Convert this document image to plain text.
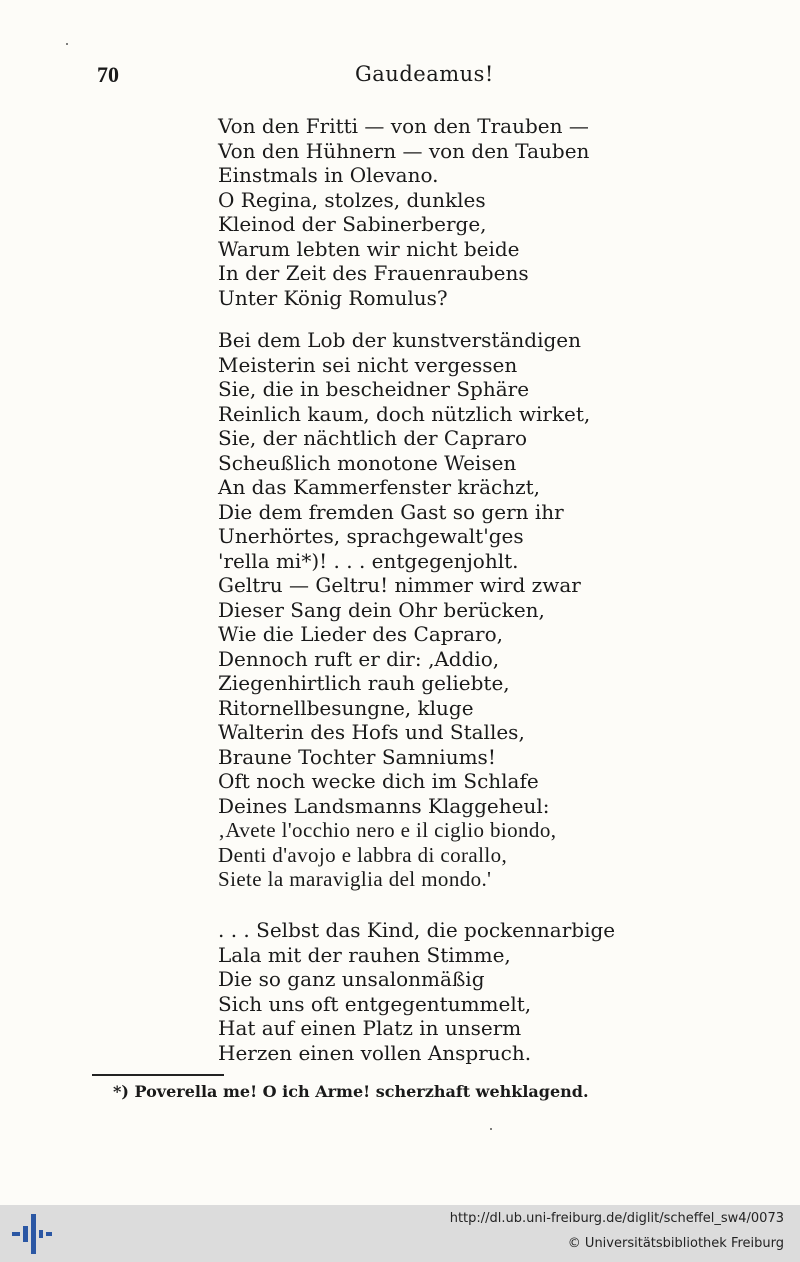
70	Gaudeamus!
Von den Fritti — von den Trauben —
Von den Hühnern — von den Tauben
Einstmals in Olevano.
O Regina, stolzes, dunkles
Kleinod der Sabinerberge,
Warum lebten wir nicht beide
In der Zeit des Frauenraubens
Unter König Romulus?
Bei dem Lob der kunstverständigen
Meisterin sei nicht vergessen
Sie, die in bescheidner Sphäre
Reinlich kaum, doch nützlich wirket,
Sie, der nächtlich der Capraro
Scheußlich monotone Weisen
An das Kammerfenster krächzt,
Die dem fremden Gast so gern ihr
Unerhörtes, sprachgewalt'ges
'rella mi*)! . . . entgegenjohlt.
Geltru — Geltru! nimmer wird zwar
Dieser Sang dein Ohr berücken,
Wie die Lieder des Capraro,
Dennoch ruft er dir: ‚Addio,
Ziegenhirtlich rauh geliebte,
Ritornellbesungne, kluge
Walterin des Hofs und Stalles,
Braune Tochter Samniums!
Oft noch wecke dich im Schlafe
Deines Landsmanns Klaggeheul:
‚Avete l'occhio nero e il ciglio biondo,
Denti d'avojo e labbra di corallo,
Siete la maraviglia del mondo.'
. . . Selbst das Kind, die pockennarbige
Lala mit der rauhen Stimme,
Die so ganz unsalonmäßig
Sich uns oft entgegentummelt,
Hat auf einen Platz in unserm
Herzen einen vollen Anspruch.
*) Poverella me! O ich Arme! scherzhaft wehklagend.
http://dl.ub.uni-freiburg.de/diglit/scheffel_sw4/0073
© Universitätsbibliothek Freiburg
